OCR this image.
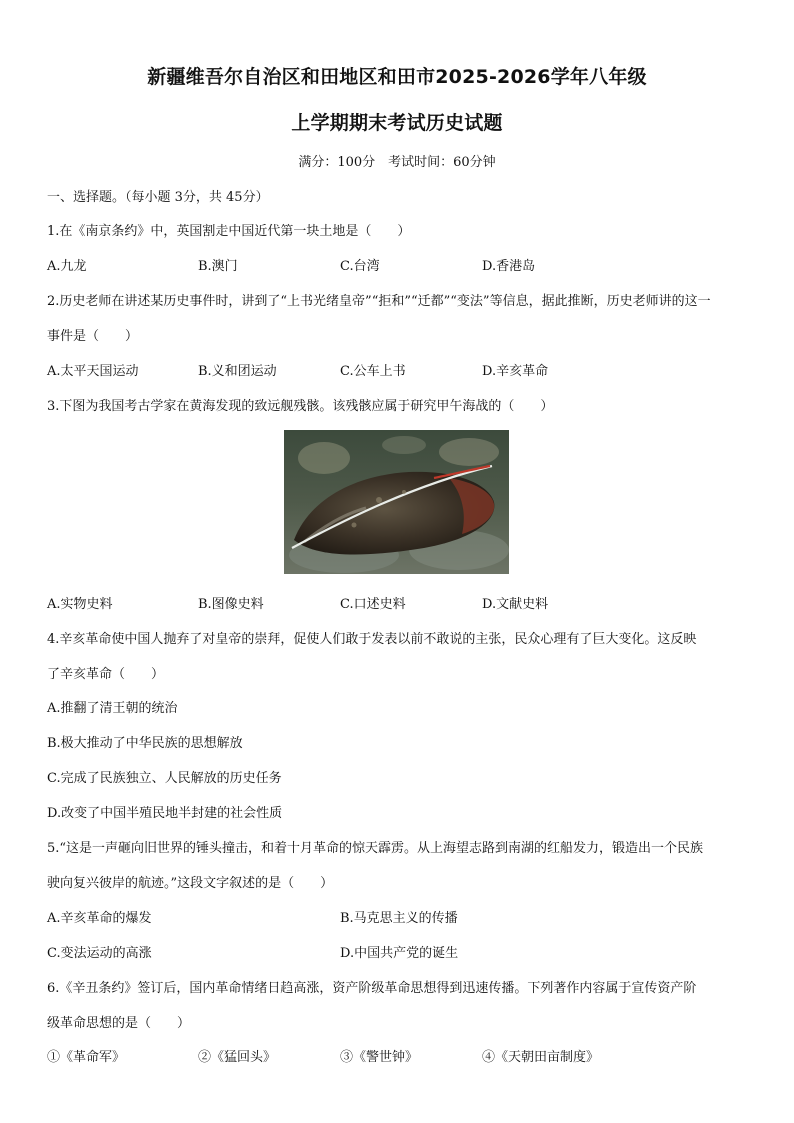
新疆维吾尔自治区和田地区和田市2025-2026学年八年级
上学期期末考试历史试题
满分：100分　考试时间：60分钟
一、选择题。（每小题 3分，共 45分）
1.在《南京条约》中，英国割走中国近代第一块土地是（　　）
A.九龙	B.澳门	C.台湾	D.香港岛
2.历史老师在讲述某历史事件时，讲到了“上书光绪皇帝”“拒和”“迁都”“变法”等信息，据此推断，历史老师讲的这一
事件是（　　）
A.太平天国运动	B.义和团运动	C.公车上书	D.辛亥革命
3.下图为我国考古学家在黄海发现的致远舰残骸。该残骸应属于研究甲午海战的（　　）
A.实物史料	B.图像史料	C.口述史料	D.文献史料
4.辛亥革命使中国人抛弃了对皇帝的崇拜，促使人们敢于发表以前不敢说的主张，民众心理有了巨大变化。这反映
了辛亥革命（　　）
A.推翻了清王朝的统治
B.极大推动了中华民族的思想解放
C.完成了民族独立、人民解放的历史任务
D.改变了中国半殖民地半封建的社会性质
5.“这是一声砸向旧世界的锤头撞击，和着十月革命的惊天霹雳。从上海望志路到南湖的红船发力，锻造出一个民族
驶向复兴彼岸的航迹。”这段文字叙述的是（　　）
A.辛亥革命的爆发	B.马克思主义的传播
C.变法运动的高涨	D.中国共产党的诞生
6.《辛丑条约》签订后，国内革命情绪日趋高涨，资产阶级革命思想得到迅速传播。下列著作内容属于宣传资产阶
级革命思想的是（　　）
①《革命军》	②《猛回头》	③《警世钟》	④《天朝田亩制度》
